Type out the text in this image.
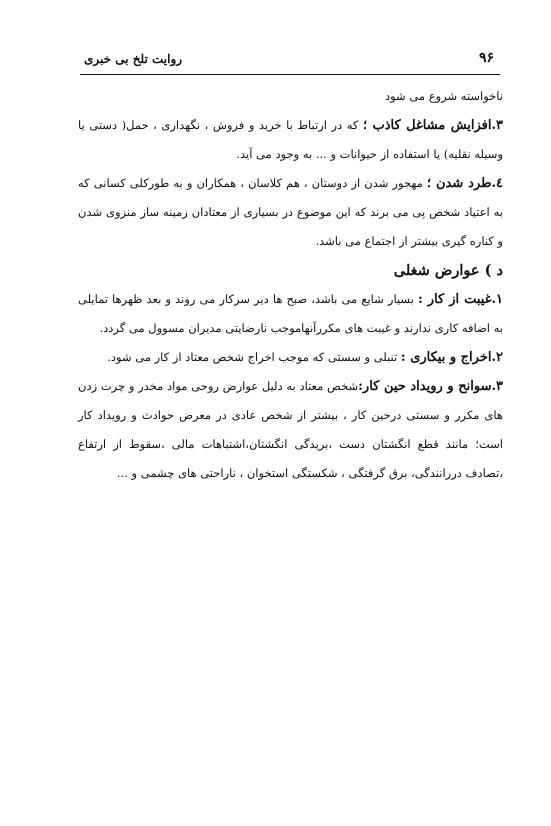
۹۶
روایت تلخ بی خبری

ناخواسته شروع می شود

۳.افزایش مشاغل کاذب ؛ که در ارتباط با خرید و فروش ، نگهداری ، حمل( دستی یا وسیله نقلیه) یا استفاده از حیوانات و ... به وجود می آید.

٤.طرد شدن ؛ مهجور شدن از دوستان ، هم کلاسان ، همکاران و به طورکلی کسانی که به اعتیاد شخص پی می برند که این موضوع در بسیاری از معتادان زمینه ساز منزوی شدن و کناره گیری بیشتر از اجتماع می باشد.

د ) عوارض شغلی

۱.غیبت از کار : بسیار شایع می باشد، صبح ها دیر سرکار می روند و بعد ظهرها تمایلی به اضافه کاری ندارند و غیبت های مکررآنهاموجب نارضایتی مدیران مسوول می گردد.

۲.اخراج و بیکاری : تنبلی و سستی که موجب اخراج شخص معتاد از کار می شود.

۳.سوانح و رویداد حین کار:شخص معتاد به دلیل عوارض روحی مواد مخدر و چرت زدن های مکرر و سستی درحین کار ، بیشتر از شخص عادی در معرض حوادث و رویداد کار است؛ مانند قطع انگشتان دست ،بریدگی انگشتان،اشتباهات مالی ،سقوط از ارتفاع ،تصادف دررانندگی، برق گرفتگی ، شکستگی استخوان ، ناراحتی های چشمی و ...
